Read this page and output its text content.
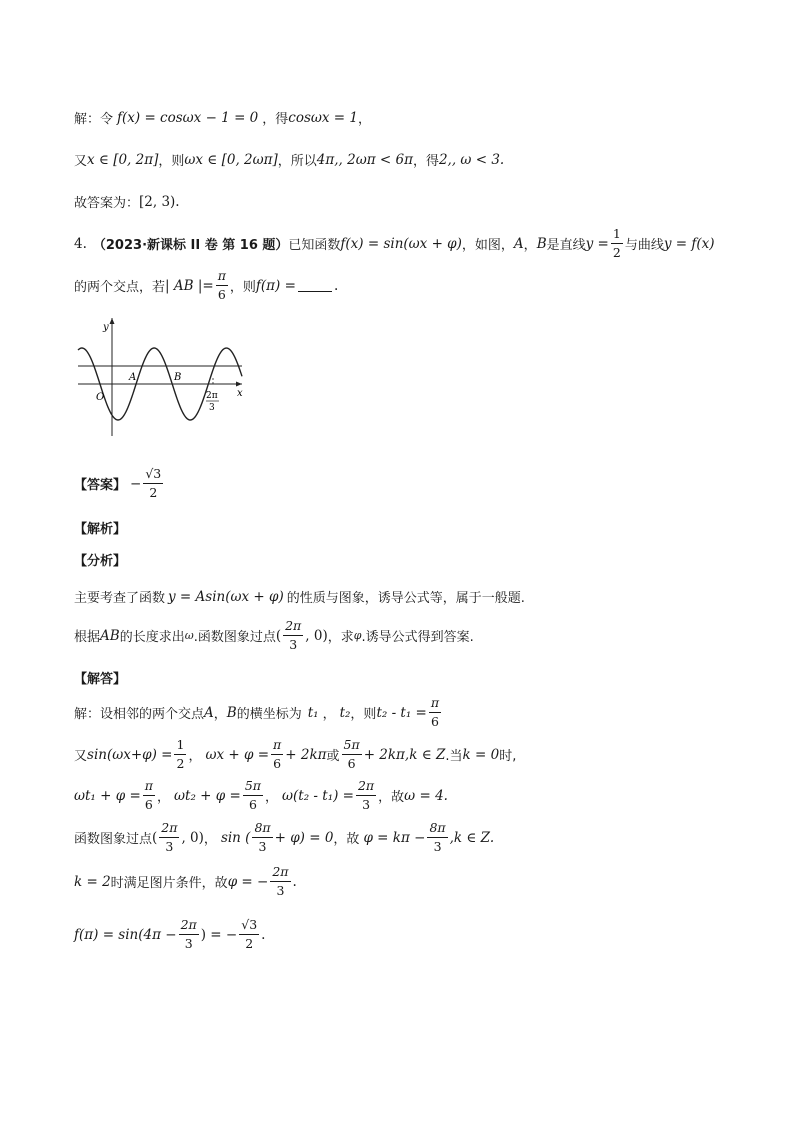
解：令 f(x) = cosωx − 1 = 0 ，得 cosωx = 1 ，
又 x ∈ [0, 2π] ，则 ωx ∈ [0, 2ωπ] ，所以 4π,, 2ωπ < 6π ，得 2,, ω < 3.
故答案为： [2, 3).
4. （2023·新课标 II 卷 第 16 题） 已知函数 f(x) = sin(ωx + φ) ，如图， A ， B 是直线 $y = \frac{1}{2}$ 与曲线 y = f(x)
的两个交点，若 | AB |= $\frac{\pi}{6}$ ，则 f(π) =	.
y
x
O
A	B
2π
3
【答案】 − $\frac{√3}{2}$
【解析】
【分析】
主要考查了函数 y = Asin(ωx + φ) 的性质与图象，诱导公式等，属于一般题.
根据 AB 的长度求出 ω .函数图象过点 ( $\frac{2\pi}{3}$ , 0) ，求 φ .诱导公式得到答案.
【解答】
解：设相邻的两个交点 A ， B 的横坐标为 t₁ ， t₂ ，则 $t_2 - t_1 = \frac{\pi}{6}$
又 $\sin(\omega x+\varphi) = \frac{1}{2}$ ， $\omega x + \varphi = \frac{\pi}{6} + 2k\pi$ 或 $\frac{5\pi}{6} + 2k\pi,k$ ∈ Z .当 k = 0 时,
$\omega t_1 + \varphi = \frac{\pi}{6}$ ， $\omega t_2 + \varphi = \frac{5\pi}{6}$ ， $\omega(t_2 - t_1) = \frac{2\pi}{3}$ ，故 ω = 4.
函数图象过点 ( $\frac{2\pi}{3}$ , 0) ， sin ( $\frac{8\pi}{3} + \varphi) = 0$ ，故 $\varphi = k\pi - \frac{8\pi}{3} ,k$ ∈ Z.
k = 2 时满足图片条件，故 φ = − $\frac{2\pi}{3}$ .
$f(\pi) = \sin(4\pi - \frac{2\pi}{3}$ ) = − $\frac{√3}{2}$ .
